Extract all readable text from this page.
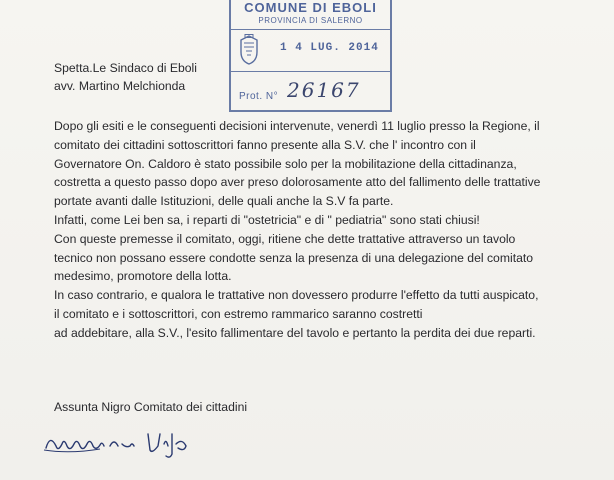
COMUNE DI EBOLI
PROVINCIA DI SALERNO
1 4 LUG. 2014
Prot. N° 26167
Spetta.Le Sindaco di Eboli
avv. Martino Melchionda
Dopo gli esiti e le conseguenti decisioni intervenute, venerdì 11 luglio presso la Regione, il
comitato dei cittadini sottoscrittori fanno presente alla S.V. che l' incontro con il
Governatore On. Caldoro è stato possibile solo per la mobilitazione della cittadinanza,
costretta a questo passo dopo aver preso dolorosamente atto del fallimento delle trattative
portate avanti dalle Istituzioni, delle quali anche la S.V fa parte.
Infatti, come Lei ben sa, i reparti di "ostetricia" e di " pediatria" sono stati chiusi!
Con queste premesse il comitato, oggi, ritiene che dette trattative attraverso un tavolo
tecnico non possano essere condotte senza la presenza di una delegazione del comitato
medesimo, promotore della lotta.
In caso contrario, e qualora le trattative non dovessero produrre l'effetto da tutti auspicato,
il comitato e i sottoscrittori, con estremo rammarico saranno costretti
ad addebitare, alla S.V., l'esito fallimentare del tavolo e pertanto la perdita dei due reparti.
Assunta Nigro Comitato dei cittadini
